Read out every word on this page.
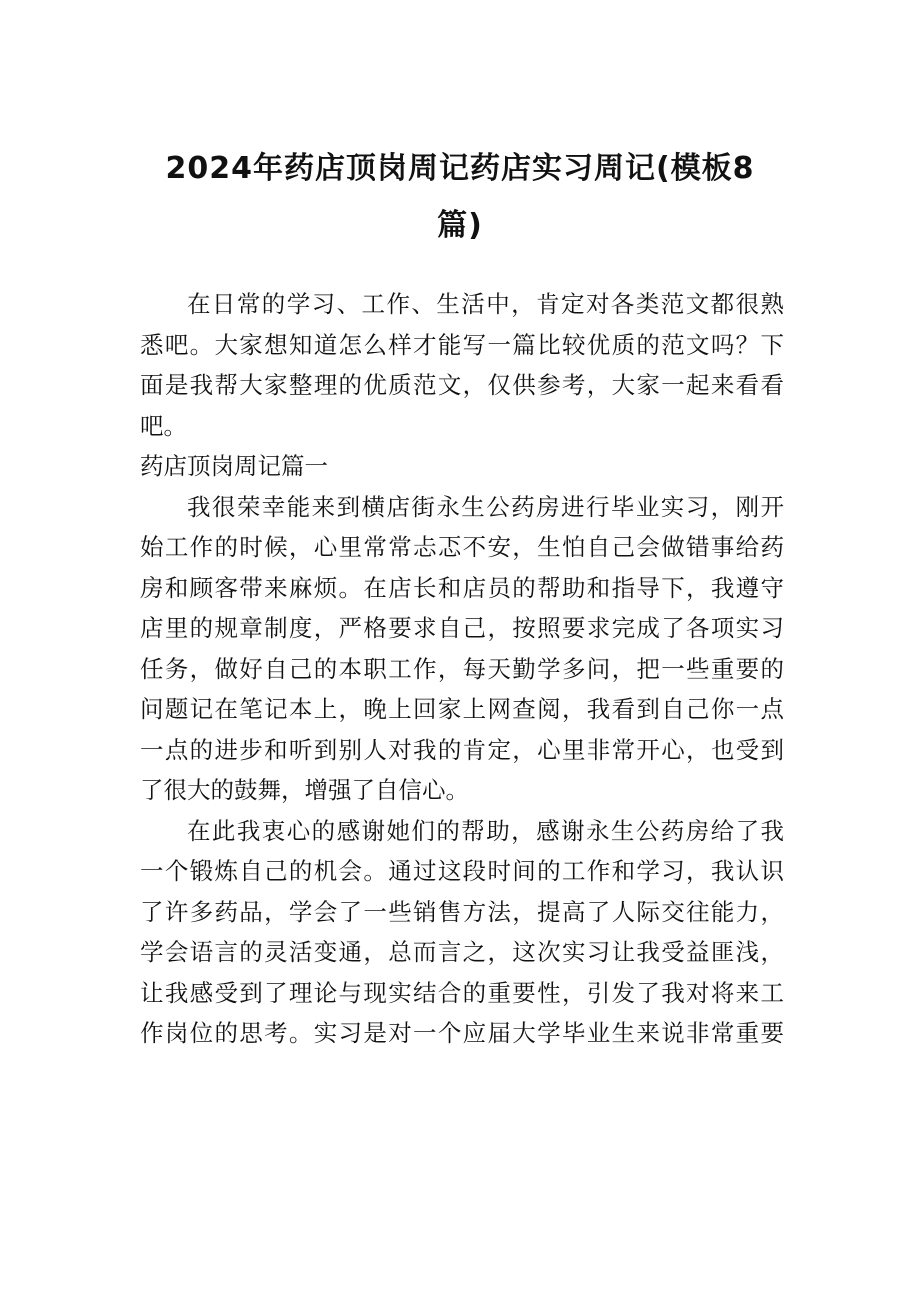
2024年药店顶岗周记药店实习周记(模板8
篇)

在日常的学习、工作、生活中，肯定对各类范文都很熟
悉吧。大家想知道怎么样才能写一篇比较优质的范文吗？下
面是我帮大家整理的优质范文，仅供参考，大家一起来看看
吧。

药店顶岗周记篇一

我很荣幸能来到横店街永生公药房进行毕业实习，刚开
始工作的时候，心里常常忐忑不安，生怕自己会做错事给药
房和顾客带来麻烦。在店长和店员的帮助和指导下，我遵守
店里的规章制度，严格要求自己，按照要求完成了各项实习
任务，做好自己的本职工作，每天勤学多问，把一些重要的
问题记在笔记本上，晚上回家上网查阅，我看到自己你一点
一点的进步和听到别人对我的肯定，心里非常开心，也受到
了很大的鼓舞，增强了自信心。

在此我衷心的感谢她们的帮助，感谢永生公药房给了我
一个锻炼自己的机会。通过这段时间的工作和学习，我认识
了许多药品，学会了一些销售方法，提高了人际交往能力，
学会语言的灵活变通，总而言之，这次实习让我受益匪浅，
让我感受到了理论与现实结合的重要性，引发了我对将来工
作岗位的思考。实习是对一个应届大学毕业生来说非常重要
